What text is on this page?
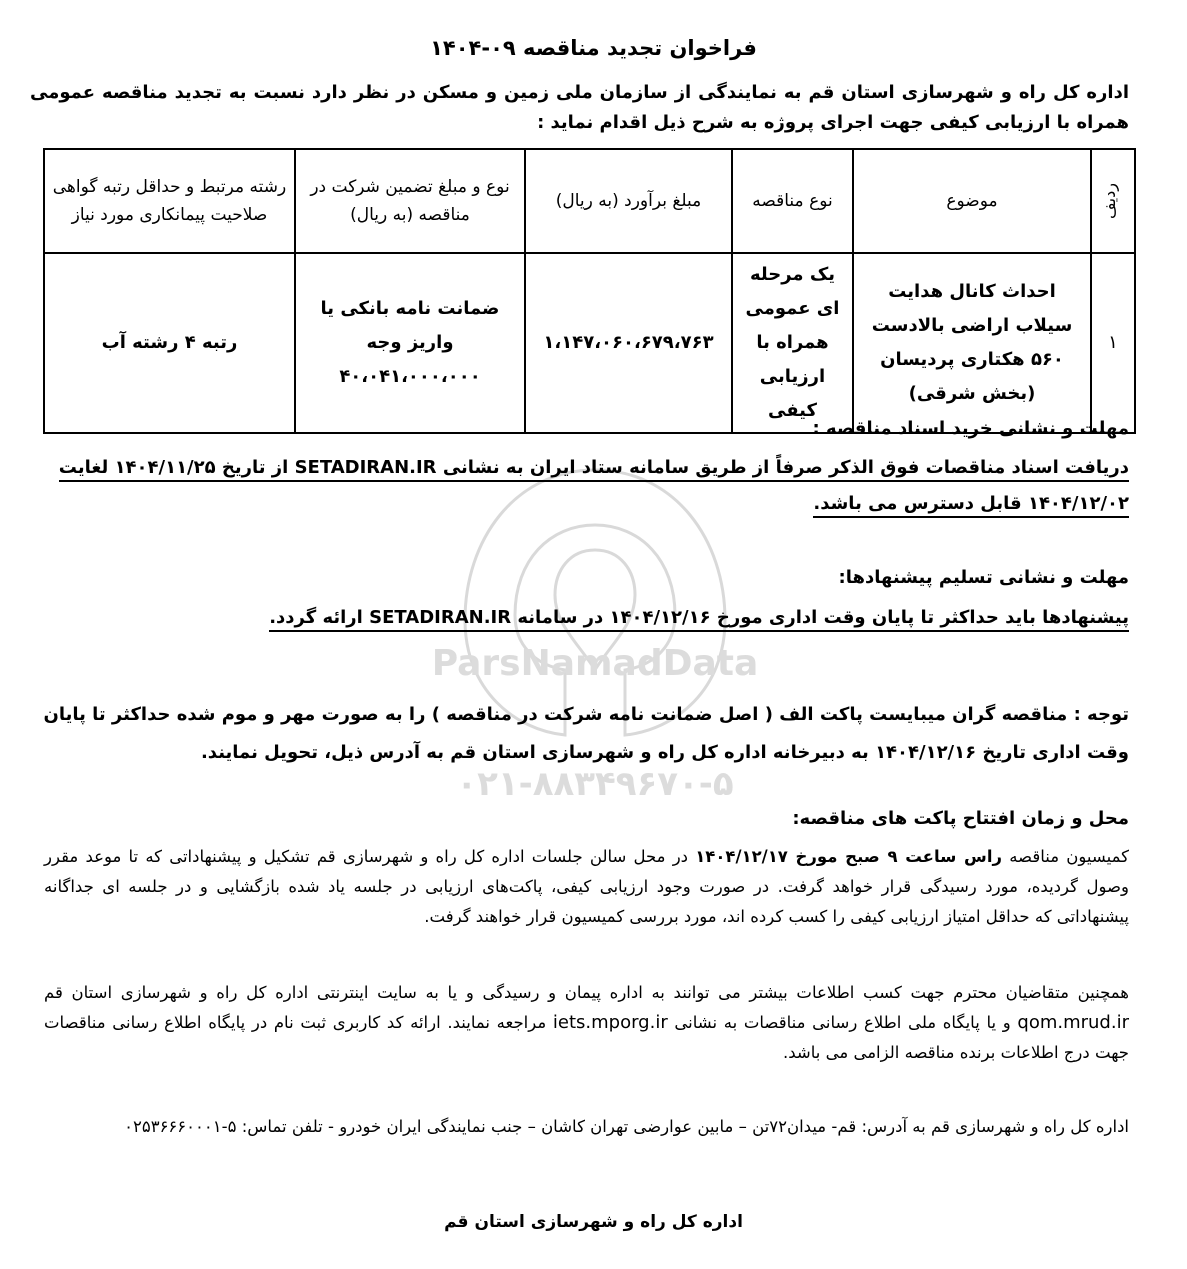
ParsNamadData
۰۲۱-۸۸۳۴۹۶۷۰-۵
فراخوان تجدید مناقصه ۰۹-۱۴۰۴
اداره کل راه و شهرسازی استان قم به نمایندگی از سازمان ملی زمین و مسکن در نظر دارد نسبت به تجدید مناقصه عمومی همراه با ارزیابی کیفی جهت اجرای پروژه به شرح ذیل اقدام نماید :
ردیف	موضوع	نوع مناقصه	مبلغ برآورد (به ریال)	نوع و مبلغ تضمین شرکت در مناقصه (به ریال)	رشته مرتبط و حداقل رتبه گواهی صلاحیت پیمانکاری مورد نیاز
۱	احداث کانال هدایت سیلاب اراضی بالادست ۵۶۰ هکتاری پردیسان (بخش شرقی)	یک مرحله ای عمومی همراه با ارزیابی کیفی	۱،۱۴۷،۰۶۰،۶۷۹،۷۶۳	ضمانت نامه بانکی یا واریز وجه ۴۰،۰۴۱،۰۰۰،۰۰۰	رتبه ۴ رشته آب
مهلت و نشانی خرید اسناد مناقصه :
دریافت اسناد مناقصات فوق الذکر صرفاً از طریق سامانه ستاد ایران به نشانی SETADIRAN.IR از تاریخ ۱۴۰۴/۱۱/۲۵ لغایت ۱۴۰۴/۱۲/۰۲ قابل دسترس می باشد.
مهلت و نشانی تسلیم پیشنهادها:
پیشنهادها باید حداکثر تا پایان وقت اداری مورخ ۱۴۰۴/۱۲/۱۶ در سامانه SETADIRAN.IR ارائه گردد.
توجه : مناقصه گران میبایست پاکت الف ( اصل ضمانت نامه شرکت در مناقصه ) را به صورت مهر و موم شده حداکثر تا پایان وقت اداری تاریخ ۱۴۰۴/۱۲/۱۶ به دبیرخانه اداره کل راه و شهرسازی استان قم به آدرس ذیل، تحویل نمایند.
محل و زمان افتتاح پاکت های مناقصه:
کمیسیون مناقصه راس ساعت ۹ صبح مورخ ۱۴۰۴/۱۲/۱۷ در محل سالن جلسات اداره کل راه و شهرسازی قم تشکیل و پیشنهاداتی که تا موعد مقرر وصول گردیده، مورد رسیدگی قرار خواهد گرفت. در صورت وجود ارزیابی کیفی، پاکت‌های ارزیابی در جلسه یاد شده بازگشایی و در جلسه ای جداگانه پیشنهاداتی که حداقل امتیاز ارزیابی کیفی را کسب کرده اند، مورد بررسی کمیسیون قرار خواهند گرفت.
همچنین متقاضیان محترم جهت کسب اطلاعات بیشتر می توانند به اداره پیمان و رسیدگی و یا به سایت اینترنتی اداره کل راه و شهرسازی استان قم qom.mrud.ir و یا پایگاه ملی اطلاع رسانی مناقصات به نشانی iets.mporg.ir مراجعه نمایند. ارائه کد کاربری ثبت نام در پایگاه اطلاع رسانی مناقصات جهت درج اطلاعات برنده مناقصه الزامی می باشد.
اداره کل راه و شهرسازی قم به آدرس: قم- میدان۷۲تن – مابین عوارضی تهران کاشان – جنب نمایندگی ایران خودرو - تلفن تماس: ۵-۰۲۵۳۶۶۶۰۰۰۱
اداره کل راه و شهرسازی استان قم
